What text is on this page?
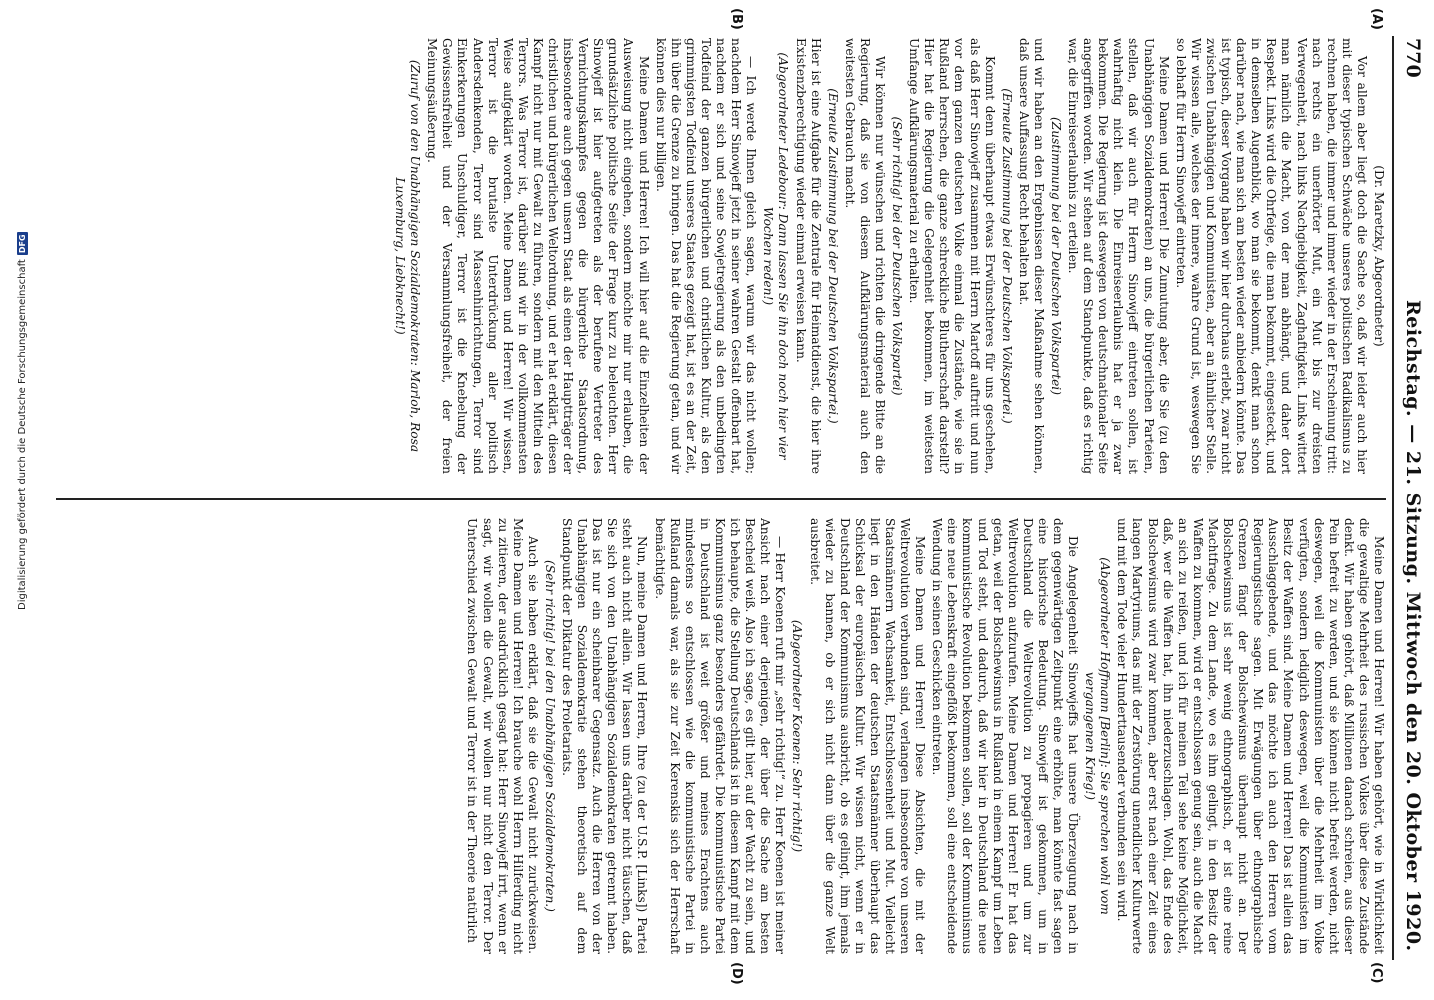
770
Reichstag. — 21. Sitzung. Mittwoch den 20. Oktober 1920.
(A)
(B)
(C)
(D)

(Dr. Maretzky, Abgeordneter)

Vor allem aber liegt doch die Sache so, daß wir leider auch hier mit dieser typischen Schwäche unseres politischen Radikalismus zu rechnen haben, die immer und immer wieder in der Erscheinung tritt: nach rechts ein unerhörter Mut, ein Mut bis zur dreisten Verwegenheit, nach links Nachgiebigkeit, Zaghaftigkeit. Links wittert man nämlich die Macht, von der man abhängt, und daher dort Respekt. Links wird die Ohrfeige, die man bekommt, eingesteckt, und in demselben Augenblick, wo man sie bekommt, denkt man schon darüber nach, wie man sich am besten wieder anbiedern könnte. Das ist typisch, dieser Vorgang haben wir hier durchaus erlebt, zwar nicht zwischen Unabhängigen und Kommunisten, aber an ähnlicher Stelle. Wir wissen alle, welches der innere, wahre Grund ist, weswegen Sie so lebhaft für Herrn Sinowjeff eintreten.

Meine Damen und Herren! Die Zumutung aber, die Sie (zu den Unabhängigen Sozialdemokraten) an uns, die bürgerlichen Parteien, stellen, daß wir auch für Herrn Sinowjeff eintreten sollen, ist wahrhaftig nicht klein. Die Einreiseerlaubnis hat er ja zwar bekommen. Die Regierung ist deswegen von deutschnationaler Seite angegriffen worden. Wir stehen auf dem Standpunkte, daß es richtig war, die Einreiseerlaubnis zu erteilen.

(Zustimmung bei der Deutschen Volkspartei)

und wir haben an den Ergebnissen dieser Maßnahme sehen können, daß unsere Auffassung Recht behalten hat.

(Erneute Zustimmung bei der Deutschen Volkspartei.)

Kommt denn überhaupt etwas Erwünschteres für uns geschehen, als daß Herr Sinowjeff zusammen mit Herrn Martoff auftritt und nun vor dem ganzen deutschen Volke einmal die Zustände, wie sie in Rußland herrschen, die ganze schreckliche Blutherrschaft darstellt? Hier hat die Regierung die Gelegenheit bekommen, im weitesten Umfange Aufklärungsmaterial zu erhalten.

(Sehr richtig! bei der Deutschen Volkspartei)

Wir können nur wünschen und richten die dringende Bitte an die Regierung, daß sie von diesem Aufklärungsmaterial auch den weitesten Gebrauch macht.

(Erneute Zustimmung bei der Deutschen Volkspartei.)

Hier ist eine Aufgabe für die Zentrale für Heimatdienst, die hier ihre Existenzberechtigung wieder einmal erweisen kann.

(Abgeordneter Ledebour: Dann lassen Sie ihn doch noch hier vier Wochen reden!)

— Ich werde Ihnen gleich sagen, warum wir das nicht wollen; nachdem Herr Sinowjeff jetzt in seiner wahren Gestalt offenbart hat, nachdem er sich und seine Sowjetregierung als den unbedingten Todfeind der ganzen bürgerlichen und christlichen Kultur, als den grimmigsten Todfeind unseres Staates gezeigt hat, ist es an der Zeit, ihn über die Grenze zu bringen. Das hat die Regierung getan, und wir können dies nur billigen.

Meine Damen und Herren! Ich will hier auf die Einzelheiten der Ausweisung nicht eingehen, sondern möchte mir nur erlauben, die grundsätzliche politische Seite der Frage kurz zu beleuchten. Herr Sinowjeff ist hier aufgetreten als der berufene Vertreter des Vernichtungskampfes gegen die bürgerliche Staatsordnung, insbesondere auch gegen unsern Staat als einen der Hauptträger der christlichen und bürgerlichen Weltordnung, und er hat erklärt, diesen Kampf nicht nur mit Gewalt zu führen, sondern mit den Mitteln des Terrors. Was Terror ist, darüber sind wir in der vollkommensten Weise aufgeklärt worden. Meine Damen und Herren! Wir wissen, Terror ist die brutalste Unterdrückung aller politisch Andersdenkenden, Terror sind Massenhinrichtungen, Terror sind Einkerkerungen Unschuldiger, Terror ist die Knebelung der Gewissensfreiheit und der Versammlungsfreiheit, der freien Meinungsäußerung.

(Zuruf von den Unabhängigen Sozialdemokraten: Marloh, Rosa Luxemburg, Liebknecht!)

Meine Damen und Herren! Wir haben gehört, wie in Wirklichkeit die gewaltige Mehrheit des russischen Volkes über diese Zustände denkt. Wir haben gehört, daß Millionen danach schreien, aus dieser Pein befreit zu werden, und sie können nicht befreit werden, nicht deswegen, weil die Kommunisten über die Mehrheit im Volke verfügten, sondern lediglich deswegen, weil die Kommunisten im Besitz der Waffen sind. Meine Damen und Herren! Das ist allein das Ausschlaggebende, und das möchte ich auch den Herren vom Regierungstische sagen. Mit Erwägungen über ethnographische Grenzen fängt der Bolschewismus überhaupt nicht an. Der Bolschewismus ist sehr wenig ethnographisch, er ist eine reine Machtfrage. Zu dem Lande, wo es ihm gelingt, in den Besitz der Waffen zu kommen, wird er entschlossen genug sein, auch die Macht an sich zu reißen, und ich für meinen Teil sehe keine Möglichkeit, daß, wer die Waffen hat, ihn niederzuschlagen. Wohl, das Ende des Bolschewismus wird zwar kommen, aber erst nach einer Zeit eines langen Martyriums, das mit der Zerstörung unendlicher Kulturwerte und mit dem Tode vieler Hunderttausender verbunden sein wird.

(Abgeordneter Hoffmann [Berlin]: Sie sprechen wohl vom vergangenen Krieg!)

Die Angelegenheit Sinowjeffs hat unsere Überzeugung nach in dem gegenwärtigen Zeitpunkt eine erhöhte, man könnte fast sagen eine historische Bedeutung. Sinowjeff ist gekommen, um in Deutschland die Weltrevolution zu propagieren und um zur Weltrevolution aufzurufen. Meine Damen und Herren! Er hat das getan, weil der Bolschewismus in Rußland in einem Kampf um Leben und Tod steht, und dadurch, daß wir hier in Deutschland die neue kommunistische Revolution bekommen sollen, soll der Kommunismus eine neue Lebenskraft eingeflößt bekommen, soll eine entscheidende Wendung in seinen Geschicken eintreten.

Meine Damen und Herren! Diese Absichten, die mit der Weltrevolution verbunden sind, verlangen insbesondere von unseren Staatsmännern Wachsamkeit, Entschlossenheit und Mut. Vielleicht liegt in den Händen der deutschen Staatsmänner überhaupt das Schicksal der europäischen Kultur. Wir wissen nicht, wenn er in Deutschland der Kommunismus ausbricht, ob es gelingt, ihm jemals wieder zu bannen, ob er sich nicht dann über die ganze Welt ausbreitet.

(Abgeordneter Koenen: Sehr richtig!)

— Herr Koenen ruft mir „sehr richtig!“ zu. Herr Koenen ist meiner Ansicht nach einer derjenigen, der über die Sache am besten Bescheid weiß. Also ich sage, es gilt hier, auf der Wacht zu sein, und ich behaupte, die Stellung Deutschlands ist in diesem Kampf mit dem Kommunismus ganz besonders gefährdet. Die kommunistische Partei in Deutschland ist weit größer und meines Erachtens auch mindestens so entschlossen wie die kommunistische Partei in Rußland damals war, als sie zur Zeit Kerenskis sich der Herrschaft bemächtigte.

Nun, meine Damen und Herren, Ihre (zu der U.S.P. [Links]) Partei steht auch nicht allein. Wir lassen uns darüber nicht täuschen, daß Sie sich von den Unabhängigen Sozialdemokraten getrennt haben. Das ist nur ein scheinbarer Gegensatz. Auch die Herren von der Unabhängigen Sozialdemokratie stehen theoretisch auf dem Standpunkt der Diktatur des Proletariats.

(Sehr richtig! bei den Unabhängigen Sozialdemokraten.)

Auch sie haben erklärt, daß sie die Gewalt nicht zurückweisen. Meine Damen und Herren! Ich brauche wohl Herrn Hilferding nicht zu zitieren, der ausdrücklich gesagt hat: Herr Sinowjeff irrt, wenn er sagt, wir wollen die Gewalt, wir wollen nur nicht den Terror. Der Unterschied zwischen Gewalt und Terror ist in der Theorie natürlich

Digitalisierung gefördert durch die Deutsche Forschungsgemeinschaft
DFG
